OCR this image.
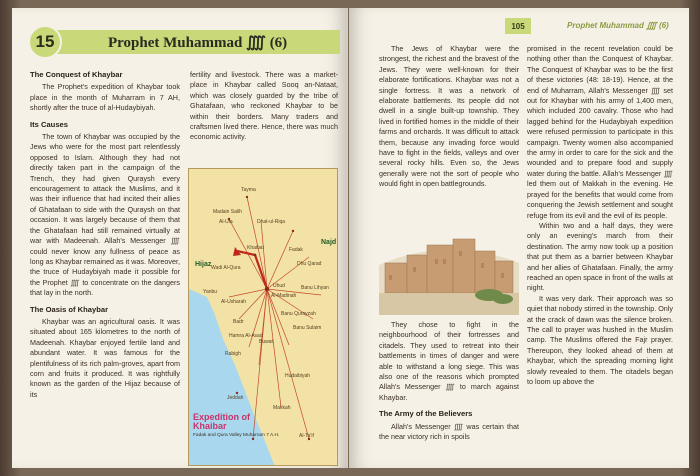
15	Prophet Muhammad ⨌ (6)
The Conquest of Khaybar

The Prophet's expedition of Khaybar took place in the month of Muharram in 7 AH, shortly after the truce of al-Hudaybiyah.

Its Causes

The town of Khaybar was occupied by the Jews who were for the most part relentlessly opposed to Islam. Although they had not directly taken part in the campaign of the Trench, they had given Quraysh every encouragement to attack the Muslims, and it was their influence that had incited their allies of Ghatafaan to side with the Quraysh on that occasion. It was largely because of them that the Ghatafaan had still remained virtually at war with Madeenah. Allah's Messenger ⨌ could never know any fullness of peace as long as Khaybar remained as it was. Moreover, the truce of Hudaybiyah made it possible for the Prophet ⨌ to concentrate on the dangers that lay in the north.

The Oasis of Khaybar

Khaybar was an agricultural oasis. It was situated about 165 kilometres to the north of Madeenah. Khaybar enjoyed fertile land and abundant water. It was famous for the plentifulness of its rich palm-groves, apart from corn and fruits it produced. It was rightfully known as the garden of the Hijaz because of its

fertility and livestock. There was a market-place in Khaybar called Sooq an-Nataat, which was closely guarded by the tribe of Ghatafaan, who reckoned Khaybar to be within their borders. Many traders and craftsmen lived there. Hence, there was much economic activity.

Tayma
Madain Salih
Al-Ula	Dhat-ul-Riqa
Fadak
Dhu Qarad
Najd
Khaibar
Hijaz Wadi Al-Qura
Banu Lihyan
Yanbu
Al-Usharah
Al-Madinah
Uhud
Badr
Banu Qurayzah
Banu Sulaim
Hamra Al-Asad
Rabigh
Buwat
Makkah
Jeddah
Al-Ta'if
Hudaibiyah
Expedition of Khaibar
Fadak and Qura Valley Muharram 7 A.H.
105	Prophet Muhammad ⨌ (6)

The Jews of Khaybar were the strongest, the richest and the bravest of the Jews. They were well-known for their elaborate fortifications. Khaybar was not a single fortress. It was a network of elaborate battlements. Its people did not dwell in a single built-up township. They lived in fortified homes in the middle of their farms and orchards. It was difficult to attack them, because any invading force would have to fight in the fields, valleys and over several rocky hills. Even so, the Jews generally were not the sort of people who would fight in open battlegrounds.

They chose to fight in the neighbourhood of their fortresses and citadels. They used to retreat into their battlements in times of danger and were able to withstand a long siege. This was also one of the reasons which prompted Allah's Messenger ⨌ to march against Khaybar.

The Army of the Believers

Allah's Messenger ⨌ was certain that the near victory rich in spoils

promised in the recent revelation could be nothing other than the Conquest of Khaybar. The Conquest of Khaybar was to be the first of these victories (48: 18-19). Hence, at the end of Muharram, Allah's Messenger ⨌ set out for Khaybar with his army of 1,400 men, which included 200 cavalry. Those who had lagged behind for the Hudaybiyah expedition were refused permission to participate in this campaign. Twenty women also accompanied the army in order to care for the sick and the wounded and to prepare food and supply water during the battle. Allah's Messenger ⨌ led them out of Makkah in the evening. He prayed for the benefits that would come from conquering the Jewish settlement and sought refuge from its evil and the evil of its people.

Within two and a half days, they were only an evening's march from their destination. The army now took up a position that put them as a barrier between Khaybar and her allies of Ghatafaan. Finally, the army reached an open space in front of the walls at night.

It was very dark. Their approach was so quiet that nobody stirred in the township. Only at the crack of dawn was the silence broken. The call to prayer was hushed in the Muslim camp. The Muslims offered the Fajr prayer. Thereupon, they looked ahead of them at Khaybar, which the spreading morning light slowly revealed to them. The citadels began to loom up above the
